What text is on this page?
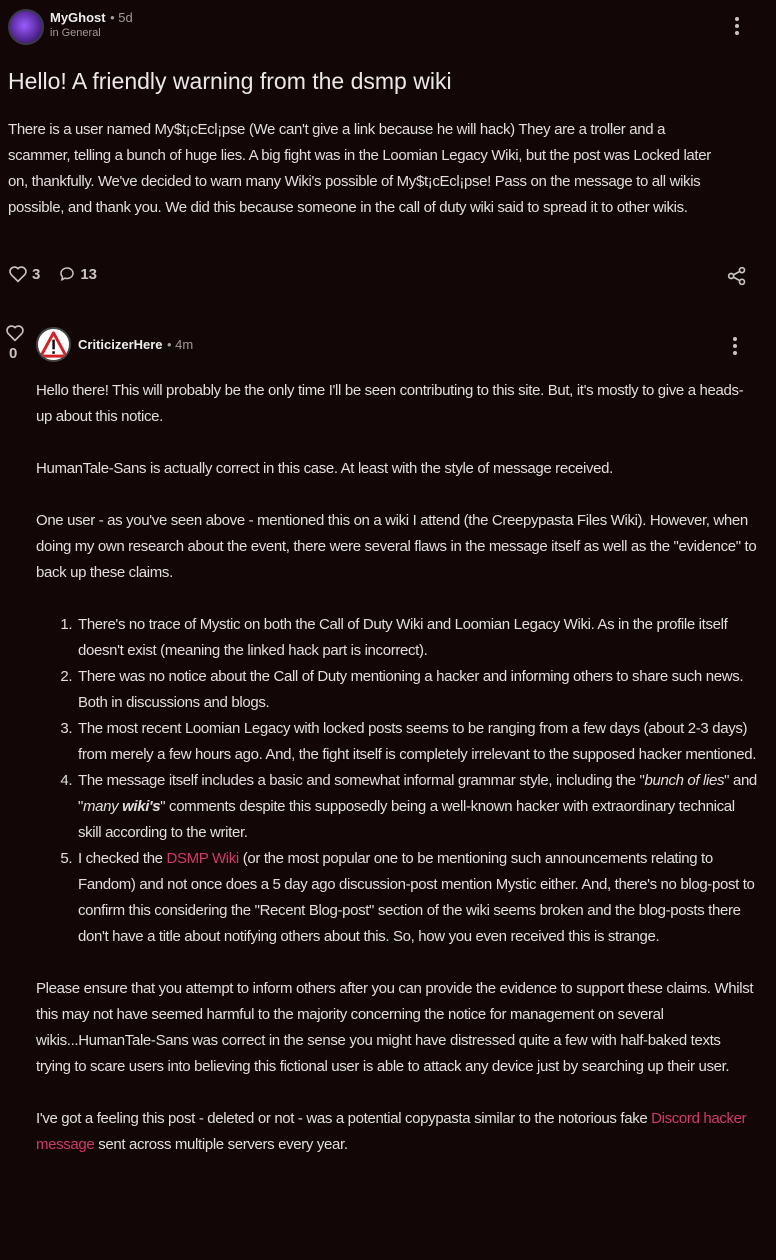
MyGhost • 5d
in General
Hello! A friendly warning from the dsmp wiki
There is a user named My$t¡cEcl¡pse (We can't give a link because he will hack) They are a troller and a scammer, telling a bunch of huge lies. A big fight was in the Loomian Legacy Wiki, but the post was Locked later on, thankfully. We've decided to warn many Wiki's possible of My$t¡cEcl¡pse! Pass on the message to all wikis possible, and thank you. We did this because someone in the call of duty wiki said to spread it to other wikis.
3	13
0
CriticizerHere • 4m

Hello there! This will probably be the only time I'll be seen contributing to this site. But, it's mostly to give a heads-up about this notice.

HumanTale-Sans is actually correct in this case. At least with the style of message received.

One user - as you've seen above - mentioned this on a wiki I attend (the Creepypasta Files Wiki). However, when doing my own research about the event, there were several flaws in the message itself as well as the "evidence" to back up these claims.

1. There's no trace of Mystic on both the Call of Duty Wiki and Loomian Legacy Wiki. As in the profile itself doesn't exist (meaning the linked hack part is incorrect).
2. There was no notice about the Call of Duty mentioning a hacker and informing others to share such news. Both in discussions and blogs.
3. The most recent Loomian Legacy with locked posts seems to be ranging from a few days (about 2-3 days) from merely a few hours ago. And, the fight itself is completely irrelevant to the supposed hacker mentioned.
4. The message itself includes a basic and somewhat informal grammar style, including the "bunch of lies" and "many wiki's" comments despite this supposedly being a well-known hacker with extraordinary technical skill according to the writer.
5. I checked the DSMP Wiki (or the most popular one to be mentioning such announcements relating to Fandom) and not once does a 5 day ago discussion-post mention Mystic either. And, there's no blog-post to confirm this considering the "Recent Blog-post" section of the wiki seems broken and the blog-posts there don't have a title about notifying others about this. So, how you even received this is strange.

Please ensure that you attempt to inform others after you can provide the evidence to support these claims. Whilst this may not have seemed harmful to the majority concerning the notice for management on several wikis...HumanTale-Sans was correct in the sense you might have distressed quite a few with half-baked texts trying to scare users into believing this fictional user is able to attack any device just by searching up their user.

I've got a feeling this post - deleted or not - was a potential copypasta similar to the notorious fake Discord hacker message sent across multiple servers every year.
